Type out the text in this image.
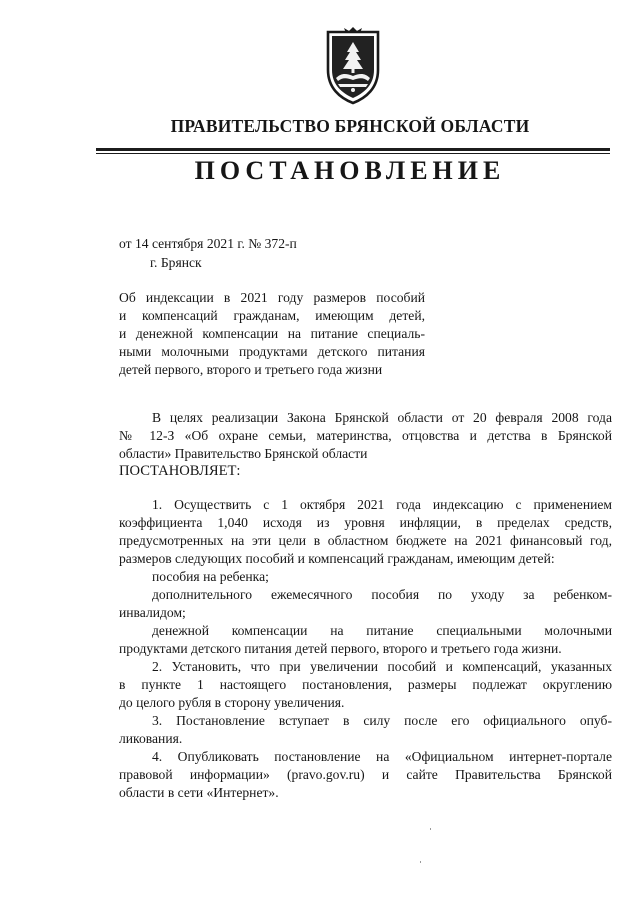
ПРАВИТЕЛЬСТВО БРЯНСКОЙ ОБЛАСТИ
ПОСТАНОВЛЕНИЕ
от 14 сентября 2021 г. № 372-п
г. Брянск
Об индексации в 2021 году размеров пособий
и компенсаций гражданам, имеющим детей,
и денежной компенсации на питание специаль-
ными молочными продуктами детского питания
детей первого, второго и третьего года жизни
В целях реализации Закона Брянской области от 20 февраля 2008 года
№ 12-З «Об охране семьи, материнства, отцовства и детства в Брянской
области» Правительство Брянской области
ПОСТАНОВЛЯЕТ:
1. Осуществить с 1 октября 2021 года индексацию с применением
коэффициента 1,040 исходя из уровня инфляции, в пределах средств,
предусмотренных на эти цели в областном бюджете на 2021 финансовый год,
размеров следующих пособий и компенсаций гражданам, имеющим детей:
пособия на ребенка;
дополнительного ежемесячного пособия по уходу за ребенком-
инвалидом;
денежной компенсации на питание специальными молочными
продуктами детского питания детей первого, второго и третьего года жизни.
2. Установить, что при увеличении пособий и компенсаций, указанных
в пункте 1 настоящего постановления, размеры подлежат округлению
до целого рубля в сторону увеличения.
3. Постановление вступает в силу после его официального опуб-
ликования.
4. Опубликовать постановление на «Официальном интернет-портале
правовой информации» (pravo.gov.ru) и сайте Правительства Брянской
области в сети «Интернет».
